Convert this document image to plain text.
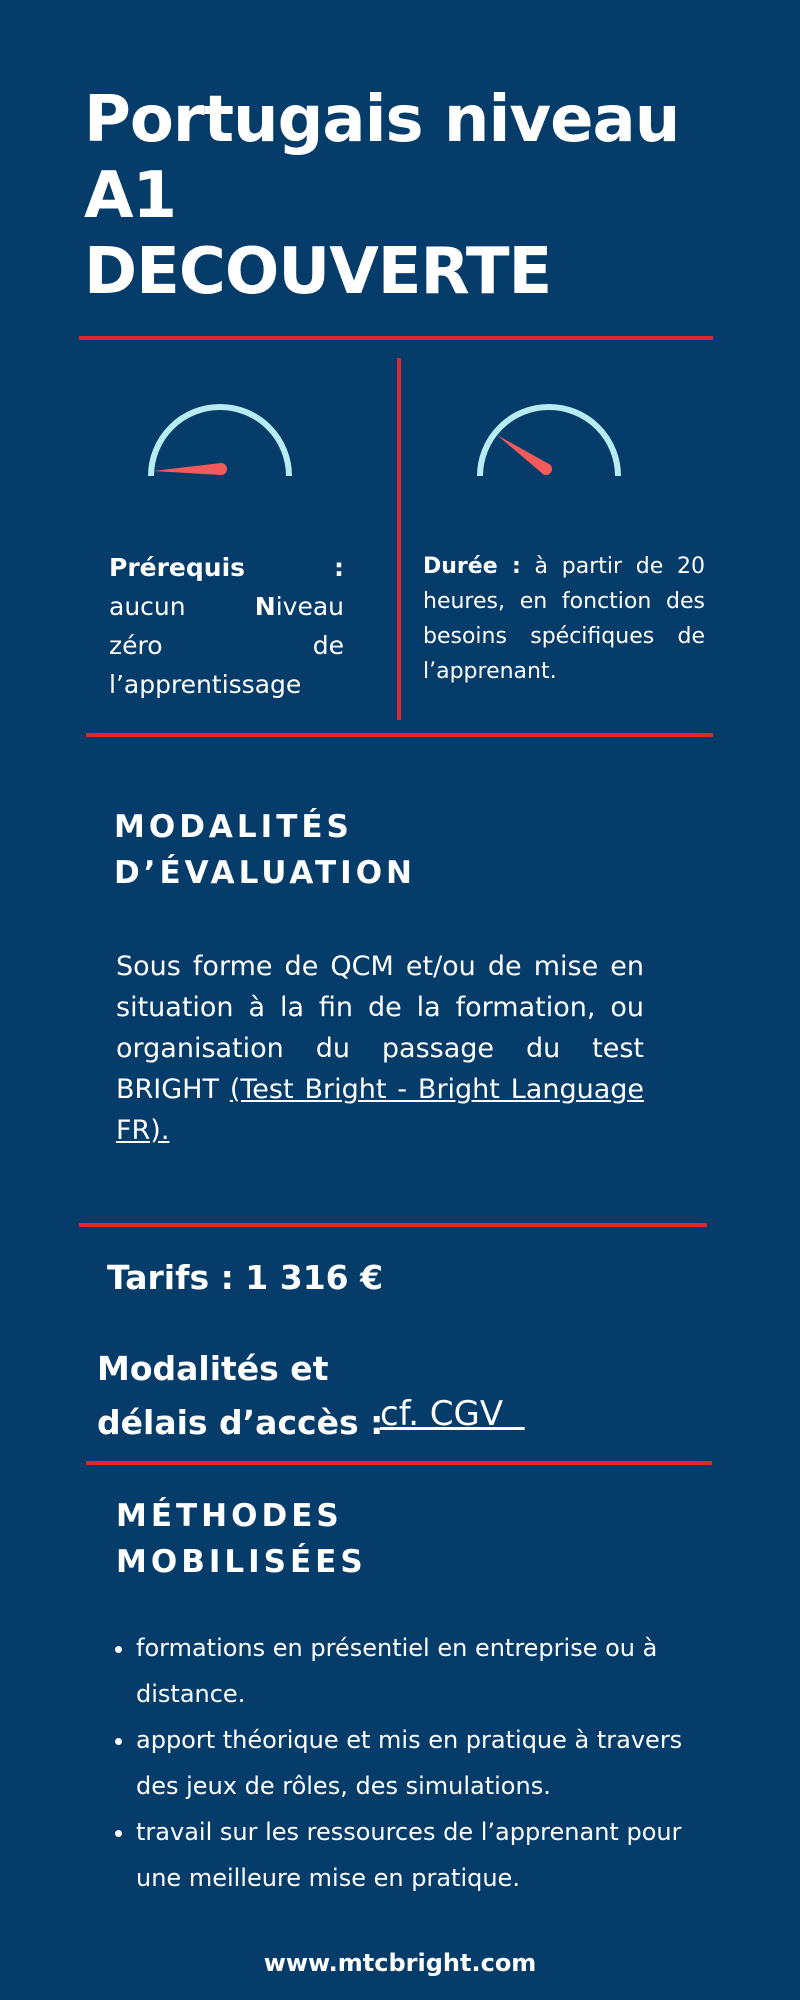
Portugais niveau A1
DECOUVERTE
Prérequis : aucun	Niveau zéro de l’apprentissage
Durée : à partir de 20 heures, en fonction des besoins spécifiques de l’apprenant.
MODALITÉS
D’ÉVALUATION
Sous forme de QCM et/ou de mise en situation à la fin de la formation, ou organisation du passage du test BRIGHT (Test Bright - Bright Language FR).
Tarifs : 1 316 €
Modalités et
délais d’accès :
cf. CGV
MÉTHODES
MOBILISÉES
• formations en présentiel en entreprise ou à distance.
• apport théorique et mis en pratique à travers des jeux de rôles, des simulations.
• travail sur les ressources de l’apprenant pour une meilleure mise en pratique.
www.mtcbright.com
